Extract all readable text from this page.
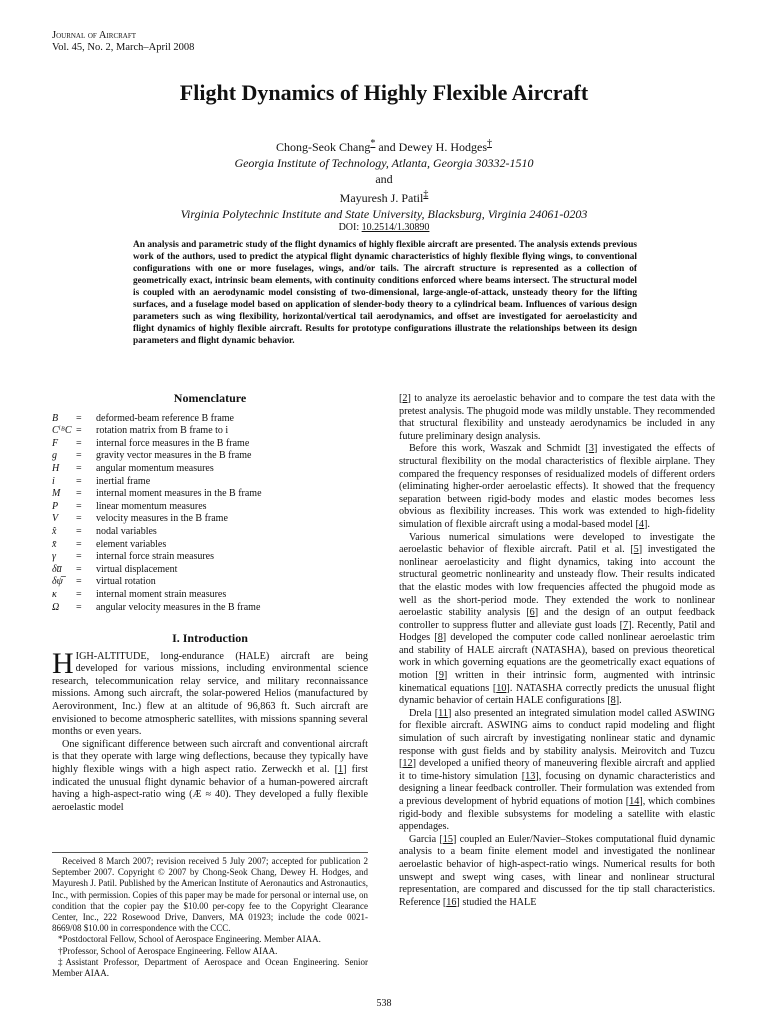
Journal of Aircraft
Vol. 45, No. 2, March–April 2008
Flight Dynamics of Highly Flexible Aircraft
Chong-Seok Chang* and Dewey H. Hodges†
Georgia Institute of Technology, Atlanta, Georgia 30332-1510
and
Mayuresh J. Patil‡
Virginia Polytechnic Institute and State University, Blacksburg, Virginia 24061-0203
DOI: 10.2514/1.30890
An analysis and parametric study of the flight dynamics of highly flexible aircraft are presented. The analysis extends previous work of the authors, used to predict the atypical flight dynamic characteristics of highly flexible flying wings, to conventional configurations with one or more fuselages, wings, and/or tails. The aircraft structure is represented as a collection of geometrically exact, intrinsic beam elements, with continuity conditions enforced where beams intersect. The structural model is coupled with an aerodynamic model consisting of two-dimensional, large-angle-of-attack, unsteady theory for the lifting surfaces, and a fuselage model based on application of slender-body theory to a cylindrical beam. Influences of various design parameters such as wing flexibility, horizontal/vertical tail aerodynamics, and offset are investigated for aeroelasticity and flight dynamics of highly flexible aircraft. Results for prototype configurations illustrate the relationships between its design parameters and flight dynamic behavior.
Nomenclature
B	=	deformed-beam reference B frame
CⁱᴮC	=	rotation matrix from B frame to i
F	=	internal force measures in the B frame
g	=	gravity vector measures in the B frame
H	=	angular momentum measures
i	=	inertial frame
M	=	internal moment measures in the B frame
P	=	linear momentum measures
V	=	velocity measures in the B frame
x̂	=	nodal variables
x̄	=	element variables
γ	=	internal force strain measures
δu̅	=	virtual displacement
δψ̅	=	virtual rotation
κ	=	internal moment strain measures
Ω	=	angular velocity measures in the B frame
I. Introduction

HIGH-ALTITUDE, long-endurance (HALE) aircraft are being developed for various missions, including environmental science research, telecommunication relay service, and military reconnaissance missions. Among such aircraft, the solar-powered Helios (manufactured by Aerovironment, Inc.) flew at an altitude of 96,863 ft. Such aircraft are envisioned to become atmospheric satellites, with missions spanning several months or even years.

One significant difference between such aircraft and conventional aircraft is that they operate with large wing deflections, because they typically have highly flexible wings with a high aspect ratio. Zerweckh et al. [1] first indicated the unusual flight dynamic behavior of a human-powered aircraft having a high-aspect-ratio wing (Æ ≈ 40). They developed a fully flexible aeroelastic model

Received 8 March 2007; revision received 5 July 2007; accepted for publication 2 September 2007. Copyright © 2007 by Chong-Seok Chang, Dewey H. Hodges, and Mayuresh J. Patil. Published by the American Institute of Aeronautics and Astronautics, Inc., with permission. Copies of this paper may be made for personal or internal use, on condition that the copier pay the $10.00 per-copy fee to the Copyright Clearance Center, Inc., 222 Rosewood Drive, Danvers, MA 01923; include the code 0021-8669/08 $10.00 in correspondence with the CCC.

*Postdoctoral Fellow, School of Aerospace Engineering. Member AIAA.

†Professor, School of Aerospace Engineering. Fellow AIAA.

‡Assistant Professor, Department of Aerospace and Ocean Engineering. Senior Member AIAA.

[2] to analyze its aeroelastic behavior and to compare the test data with the pretest analysis. The phugoid mode was mildly unstable. They recommended that structural flexibility and unsteady aerodynamics be included in any future preliminary design analysis.

Before this work, Waszak and Schmidt [3] investigated the effects of structural flexibility on the modal characteristics of flexible airplane. They compared the frequency responses of residualized models of different orders (eliminating higher-order aeroelastic effects). It showed that the frequency separation between rigid-body modes and elastic modes becomes less obvious as flexibility increases. This work was extended to high-fidelity simulation of flexible aircraft using a modal-based model [4].

Various numerical simulations were developed to investigate the aeroelastic behavior of flexible aircraft. Patil et al. [5] investigated the nonlinear aeroelasticity and flight dynamics, taking into account the structural geometric nonlinearity and unsteady flow. Their results indicated that the elastic modes with low frequencies affected the phugoid mode as well as the short-period mode. They extended the work to nonlinear aeroelastic stability analysis [6] and the design of an output feedback controller to suppress flutter and alleviate gust loads [7]. Recently, Patil and Hodges [8] developed the computer code called nonlinear aeroelastic trim and stability of HALE aircraft (NATASHA), based on previous theoretical work in which governing equations are the geometrically exact equations of motion [9] written in their intrinsic form, augmented with intrinsic kinematical equations [10]. NATASHA correctly predicts the unusual flight dynamic behavior of certain HALE configurations [8].

Drela [11] also presented an integrated simulation model called ASWING for flexible aircraft. ASWING aims to conduct rapid modeling and flight simulation of such aircraft by investigating nonlinear static and dynamic response with gust fields and by stability analysis. Meirovitch and Tuzcu [12] developed a unified theory of maneuvering flexible aircraft and applied it to time-history simulation [13], focusing on dynamic characteristics and designing a linear feedback controller. Their formulation was extended from a previous development of hybrid equations of motion [14], which combines rigid-body and flexible subsystems for modeling a satellite with elastic appendages.

Garcia [15] coupled an Euler/Navier–Stokes computational fluid dynamic analysis to a beam finite element model and investigated the nonlinear aeroelastic behavior of high-aspect-ratio wings. Numerical results for both unswept and swept wing cases, with linear and nonlinear structural representation, are compared and discussed for the tip stall characteristics. Reference [16] studied the HALE

538
